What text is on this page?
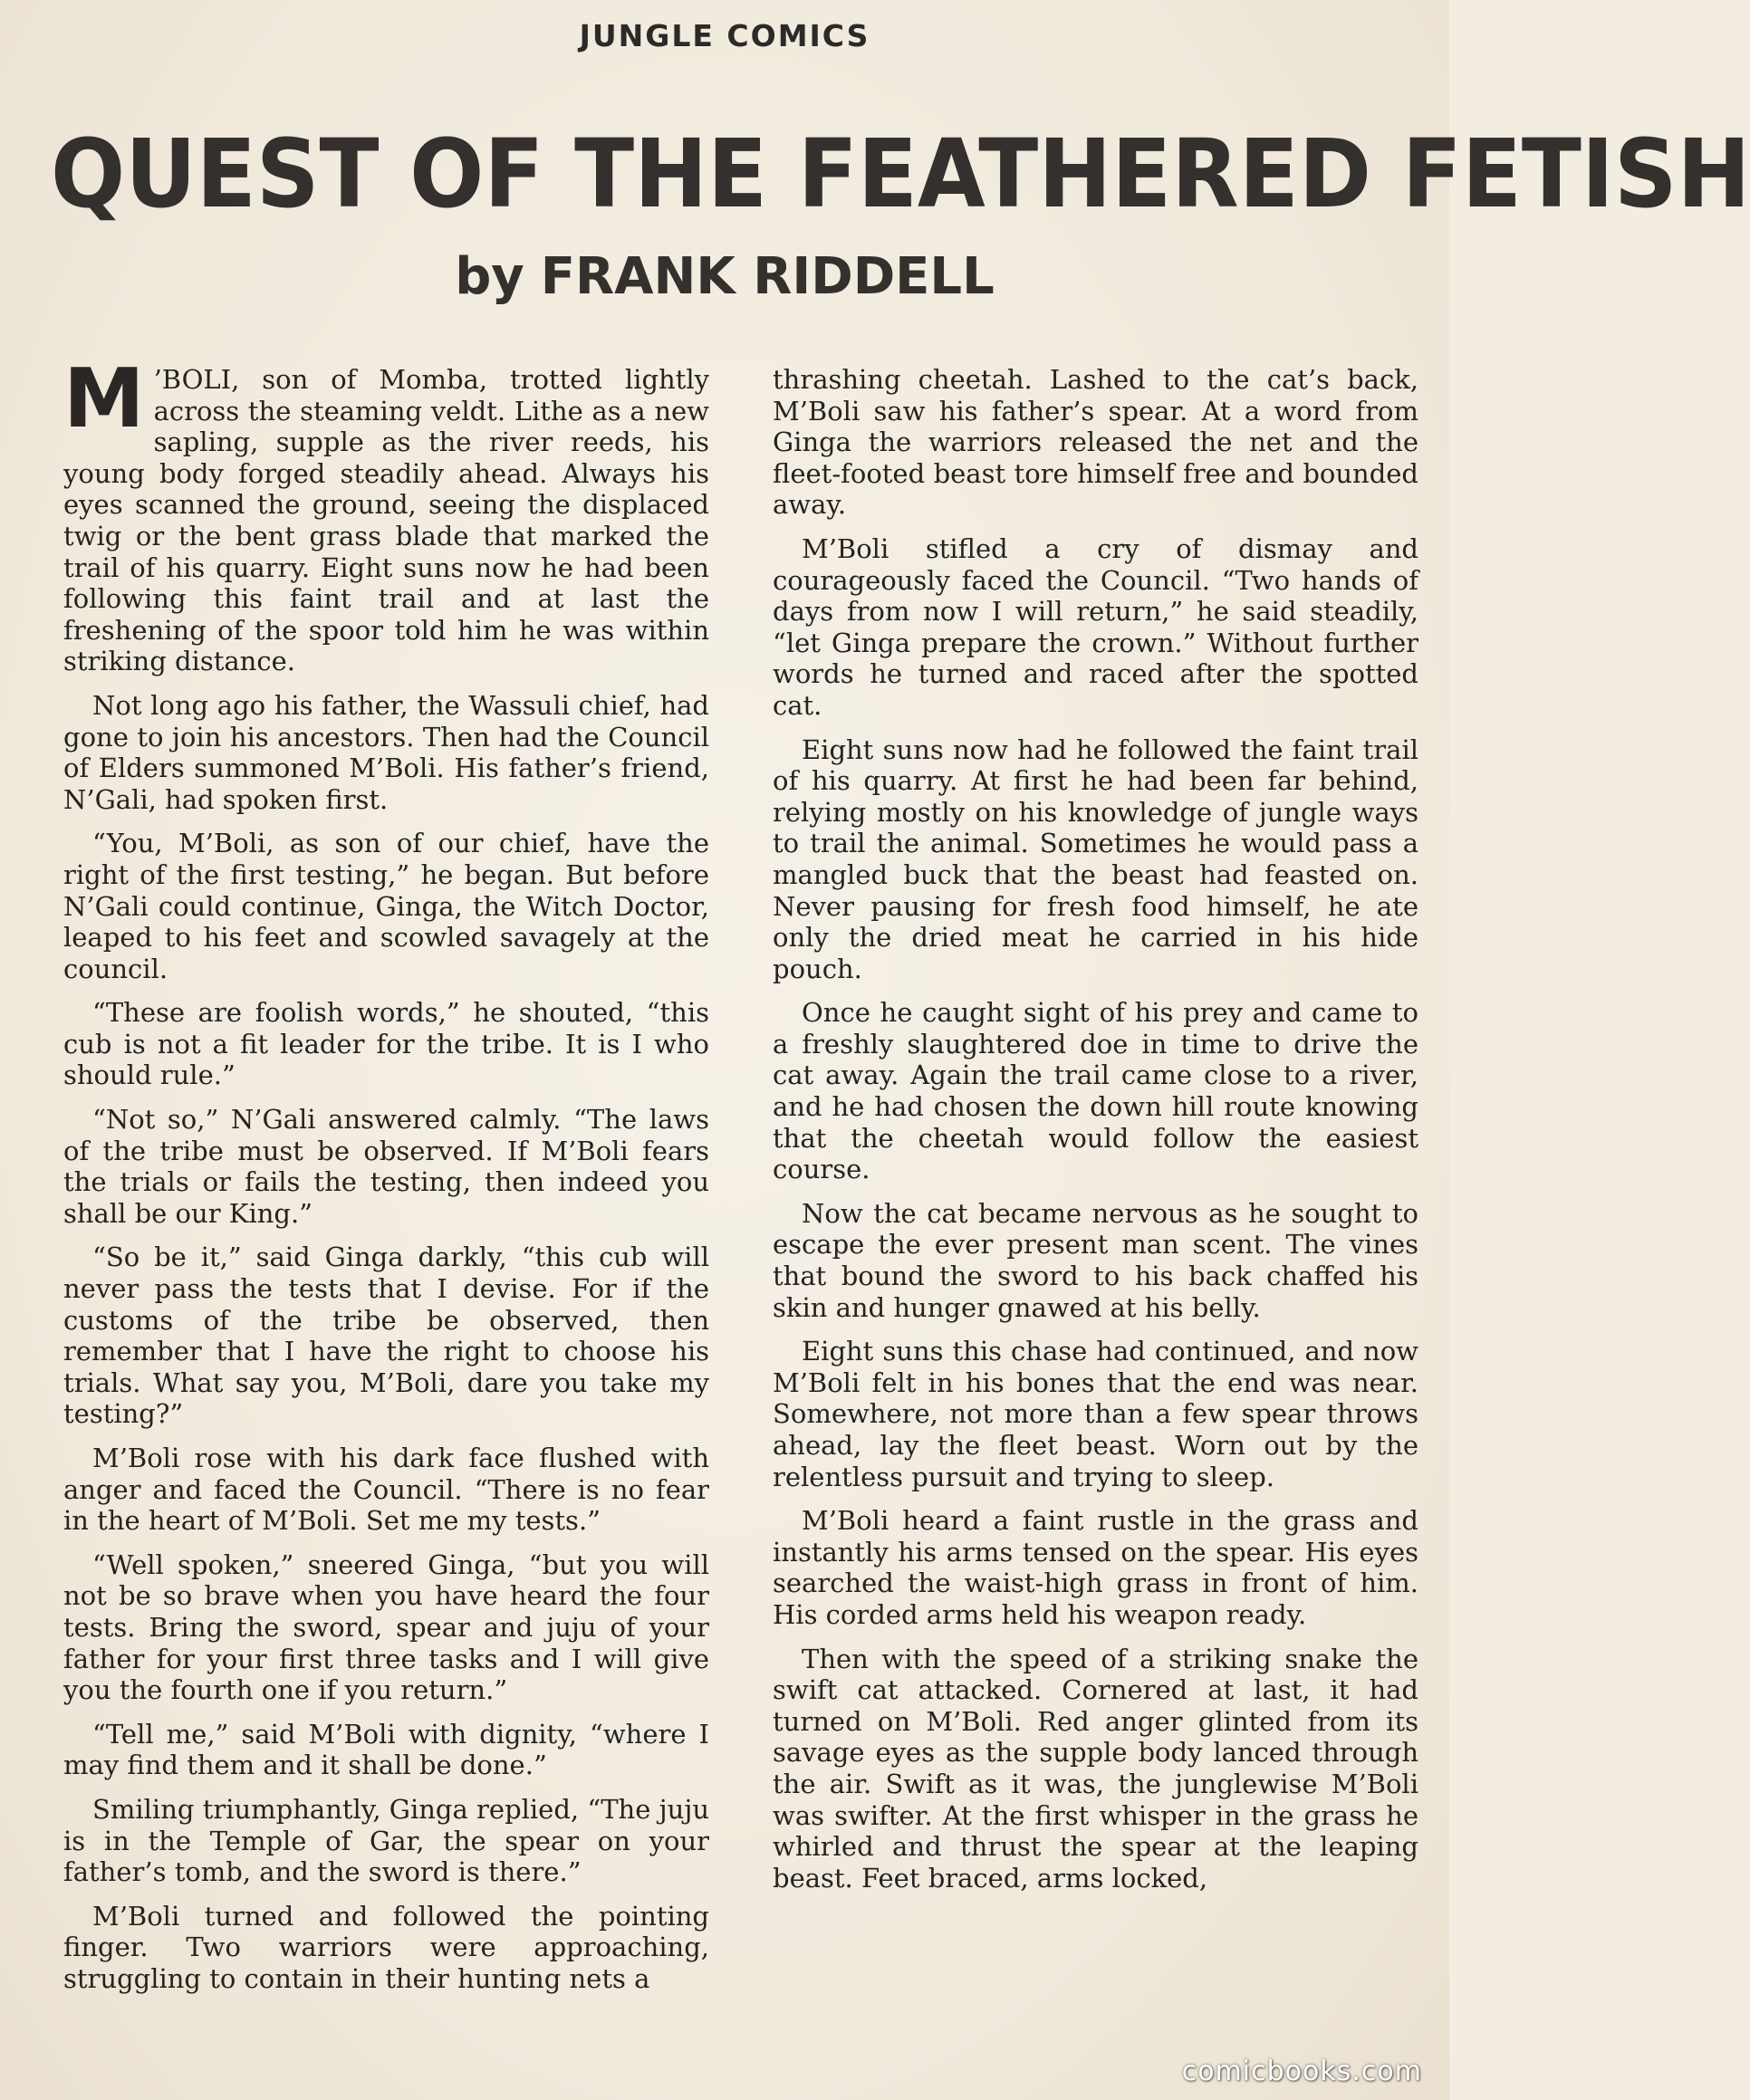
JUNGLE COMICS
QUEST OF THE FEATHERED FETISH
by FRANK RIDDELL

M ’BOLI, son of Momba, trotted lightly across the steaming veldt. Lithe as a new sapling, supple as the river reeds, his young body forged steadily ahead. Always his eyes scanned the ground, seeing the displaced twig or the bent grass blade that marked the trail of his quarry. Eight suns now he had been following this faint trail and at last the freshening of the spoor told him he was within striking distance.

Not long ago his father, the Wassuli chief, had gone to join his ancestors. Then had the Council of Elders summoned M’Boli. His father’s friend, N’Gali, had spoken first.

“You, M’Boli, as son of our chief, have the right of the first testing,” he began. But before N’Gali could continue, Ginga, the Witch Doctor, leaped to his feet and scowled savagely at the council.

“These are foolish words,” he shouted, “this cub is not a fit leader for the tribe. It is I who should rule.”

“Not so,” N’Gali answered calmly. “The laws of the tribe must be observed. If M’Boli fears the trials or fails the testing, then indeed you shall be our King.”

“So be it,” said Ginga darkly, “this cub will never pass the tests that I devise. For if the customs of the tribe be observed, then remember that I have the right to choose his trials. What say you, M’Boli, dare you take my testing?”

M’Boli rose with his dark face flushed with anger and faced the Council. “There is no fear in the heart of M’Boli. Set me my tests.”

“Well spoken,” sneered Ginga, “but you will not be so brave when you have heard the four tests. Bring the sword, spear and juju of your father for your first three tasks and I will give you the fourth one if you return.”

“Tell me,” said M’Boli with dignity, “where I may find them and it shall be done.”

Smiling triumphantly, Ginga replied, “The juju is in the Temple of Gar, the spear on your father’s tomb, and the sword is there.”

M’Boli turned and followed the pointing finger. Two warriors were approaching, struggling to contain in their hunting nets a

thrashing cheetah. Lashed to the cat’s back, M’Boli saw his father’s spear. At a word from Ginga the warriors released the net and the fleet-footed beast tore himself free and bounded away.

M’Boli stifled a cry of dismay and courageously faced the Council. “Two hands of days from now I will return,” he said steadily, “let Ginga prepare the crown.” Without further words he turned and raced after the spotted cat.

Eight suns now had he followed the faint trail of his quarry. At first he had been far behind, relying mostly on his knowledge of jungle ways to trail the animal. Sometimes he would pass a mangled buck that the beast had feasted on. Never pausing for fresh food himself, he ate only the dried meat he carried in his hide pouch.

Once he caught sight of his prey and came to a freshly slaughtered doe in time to drive the cat away. Again the trail came close to a river, and he had chosen the down hill route knowing that the cheetah would follow the easiest course.

Now the cat became nervous as he sought to escape the ever present man scent. The vines that bound the sword to his back chaffed his skin and hunger gnawed at his belly.

Eight suns this chase had continued, and now M’Boli felt in his bones that the end was near. Somewhere, not more than a few spear throws ahead, lay the fleet beast. Worn out by the relentless pursuit and trying to sleep.

M’Boli heard a faint rustle in the grass and instantly his arms tensed on the spear. His eyes searched the waist-high grass in front of him. His corded arms held his weapon ready.

Then with the speed of a striking snake the swift cat attacked. Cornered at last, it had turned on M’Boli. Red anger glinted from its savage eyes as the supple body lanced through the air. Swift as it was, the junglewise M’Boli was swifter. At the first whisper in the grass he whirled and thrust the spear at the leaping beast. Feet braced, arms locked,

comicbooks.com
